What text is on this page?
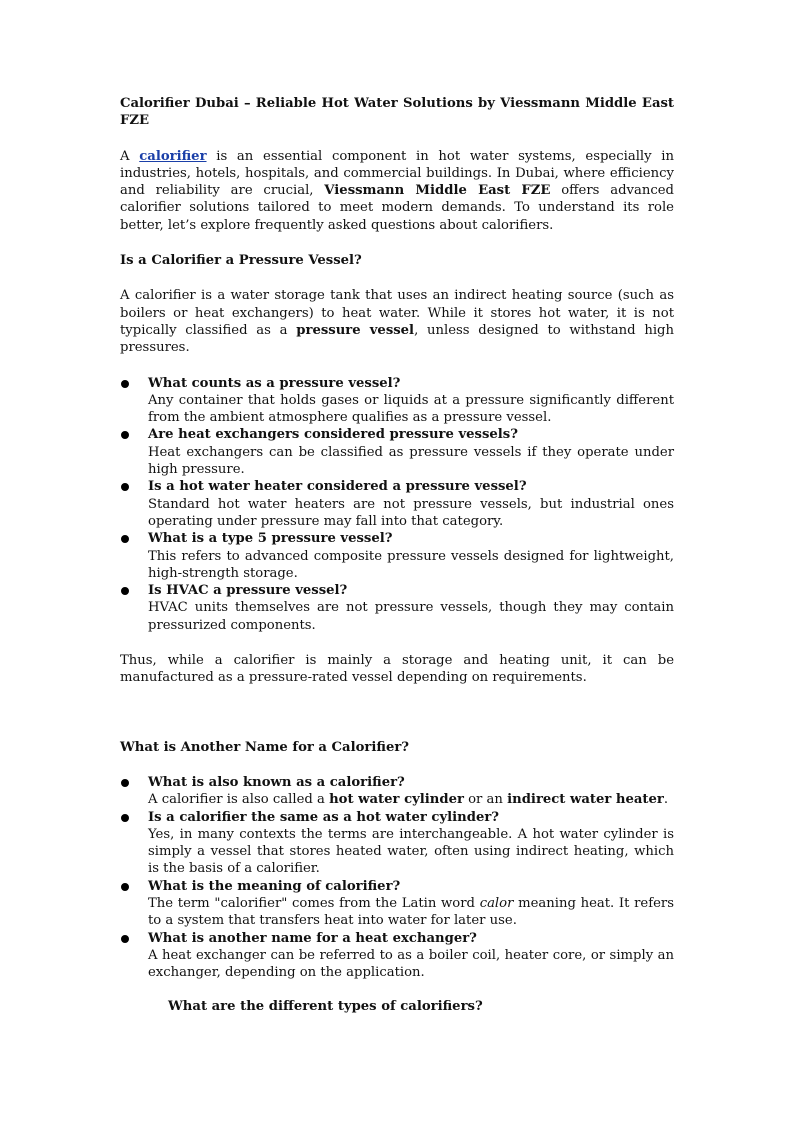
Calorifier Dubai – Reliable Hot Water Solutions by Viessmann Middle East FZE

A calorifier is an essential component in hot water systems, especially in industries, hotels, hospitals, and commercial buildings. In Dubai, where efficiency and reliability are crucial, Viessmann Middle East FZE offers advanced calorifier solutions tailored to meet modern demands. To understand its role better, let’s explore frequently asked questions about calorifiers.

Is a Calorifier a Pressure Vessel?

A calorifier is a water storage tank that uses an indirect heating source (such as boilers or heat exchangers) to heat water. While it stores hot water, it is not typically classified as a pressure vessel, unless designed to withstand high pressures.

What counts as a pressure vessel?
Any container that holds gases or liquids at a pressure significantly different from the ambient atmosphere qualifies as a pressure vessel.
Are heat exchangers considered pressure vessels?
Heat exchangers can be classified as pressure vessels if they operate under high pressure.
Is a hot water heater considered a pressure vessel?
Standard hot water heaters are not pressure vessels, but industrial ones operating under pressure may fall into that category.
What is a type 5 pressure vessel?
This refers to advanced composite pressure vessels designed for lightweight, high-strength storage.
Is HVAC a pressure vessel?
HVAC units themselves are not pressure vessels, though they may contain pressurized components.

Thus, while a calorifier is mainly a storage and heating unit, it can be manufactured as a pressure-rated vessel depending on requirements.

What is Another Name for a Calorifier?

What is also known as a calorifier?
A calorifier is also called a hot water cylinder or an indirect water heater.
Is a calorifier the same as a hot water cylinder?
Yes, in many contexts the terms are interchangeable. A hot water cylinder is simply a vessel that stores heated water, often using indirect heating, which is the basis of a calorifier.
What is the meaning of calorifier?
The term "calorifier" comes from the Latin word calor meaning heat. It refers to a system that transfers heat into water for later use.
What is another name for a heat exchanger?
A heat exchanger can be referred to as a boiler coil, heater core, or simply an exchanger, depending on the application.

What are the different types of calorifiers?
